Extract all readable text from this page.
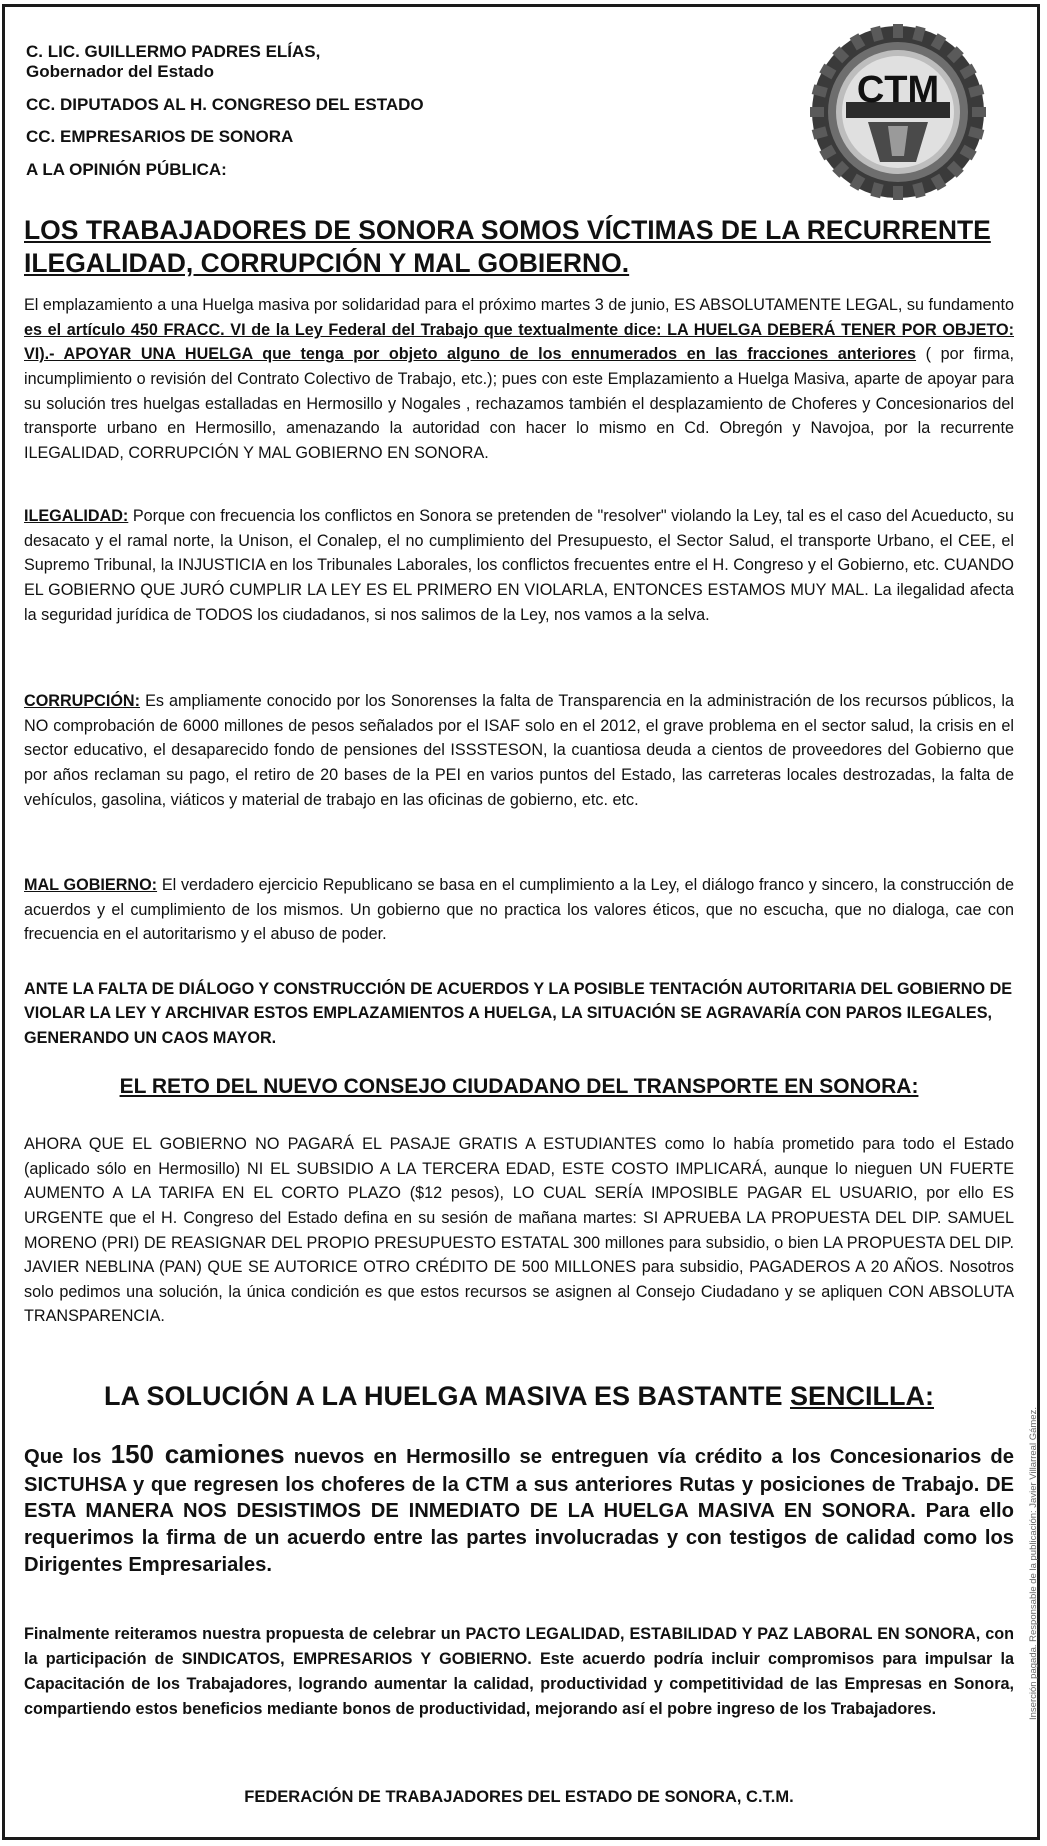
C. LIC. GUILLERMO PADRES ELÍAS,
Gobernador del Estado
CC. DIPUTADOS AL H. CONGRESO DEL ESTADO
CC. EMPRESARIOS DE SONORA
A LA OPINIÓN PÚBLICA:
CTM
LOS TRABAJADORES DE SONORA SOMOS VÍCTIMAS DE LA RECURRENTE ILEGALIDAD, CORRUPCIÓN Y MAL GOBIERNO.
El emplazamiento a una Huelga masiva por solidaridad para el próximo martes 3 de junio, ES ABSOLUTAMENTE LEGAL, su fundamento es el artículo 450 FRACC. VI de la Ley Federal del Trabajo que textualmente dice: LA HUELGA DEBERÁ TENER POR OBJETO: VI).- APOYAR UNA HUELGA que tenga por objeto alguno de los ennumerados en las fracciones anteriores ( por firma, incumplimiento o revisión del Contrato Colectivo de Trabajo, etc.); pues con este Emplazamiento a Huelga Masiva, aparte de apoyar para su solución tres huelgas estalladas en Hermosillo y Nogales , rechazamos también el desplazamiento de Choferes y Concesionarios del transporte urbano en Hermosillo, amenazando la autoridad con hacer lo mismo en Cd. Obregón y Navojoa, por la recurrente ILEGALIDAD, CORRUPCIÓN Y MAL GOBIERNO EN SONORA.
ILEGALIDAD: Porque con frecuencia los conflictos en Sonora se pretenden de "resolver" violando la Ley, tal es el caso del Acueducto, su desacato y el ramal norte, la Unison, el Conalep, el no cumplimiento del Presupuesto, el Sector Salud, el transporte Urbano, el CEE, el Supremo Tribunal, la INJUSTICIA en los Tribunales Laborales, los conflictos frecuentes entre el H. Congreso y el Gobierno, etc. CUANDO EL GOBIERNO QUE JURÓ CUMPLIR LA LEY ES EL PRIMERO EN VIOLARLA, ENTONCES ESTAMOS MUY MAL. La ilegalidad afecta la seguridad jurídica de TODOS los ciudadanos, si nos salimos de la Ley, nos vamos a la selva.
CORRUPCIÓN: Es ampliamente conocido por los Sonorenses la falta de Transparencia en la administración de los recursos públicos, la NO comprobación de 6000 millones de pesos señalados por el ISAF solo en el 2012, el grave problema en el sector salud, la crisis en el sector educativo, el desaparecido fondo de pensiones del ISSSTESON, la cuantiosa deuda a cientos de proveedores del Gobierno que por años reclaman su pago, el retiro de 20 bases de la PEI en varios puntos del Estado, las carreteras locales destrozadas, la falta de vehículos, gasolina, viáticos y material de trabajo en las oficinas de gobierno, etc. etc.
MAL GOBIERNO: El verdadero ejercicio Republicano se basa en el cumplimiento a la Ley, el diálogo franco y sincero, la construcción de acuerdos y el cumplimiento de los mismos. Un gobierno que no practica los valores éticos, que no escucha, que no dialoga, cae con frecuencia en el autoritarismo y el abuso de poder.
ANTE LA FALTA DE DIÁLOGO Y CONSTRUCCIÓN DE ACUERDOS Y LA POSIBLE TENTACIÓN AUTORITARIA DEL GOBIERNO DE VIOLAR LA LEY Y ARCHIVAR ESTOS EMPLAZAMIENTOS A HUELGA, LA SITUACIÓN SE AGRAVARÍA CON PAROS ILEGALES, GENERANDO UN CAOS MAYOR.
EL RETO DEL NUEVO CONSEJO CIUDADANO DEL TRANSPORTE EN SONORA:
AHORA QUE EL GOBIERNO NO PAGARÁ EL PASAJE GRATIS A ESTUDIANTES como lo había prometido para todo el Estado (aplicado sólo en Hermosillo) NI EL SUBSIDIO A LA TERCERA EDAD, ESTE COSTO IMPLICARÁ, aunque lo nieguen UN FUERTE AUMENTO A LA TARIFA EN EL CORTO PLAZO ($12 pesos), LO CUAL SERÍA IMPOSIBLE PAGAR EL USUARIO, por ello ES URGENTE que el H. Congreso del Estado defina en su sesión de mañana martes: SI APRUEBA LA PROPUESTA DEL DIP. SAMUEL MORENO (PRI) DE REASIGNAR DEL PROPIO PRESUPUESTO ESTATAL 300 millones para subsidio, o bien LA PROPUESTA DEL DIP. JAVIER NEBLINA (PAN) QUE SE AUTORICE OTRO CRÉDITO DE 500 MILLONES para subsidio, PAGADEROS A 20 AÑOS. Nosotros solo pedimos una solución, la única condición es que estos recursos se asignen al Consejo Ciudadano y se apliquen CON ABSOLUTA TRANSPARENCIA.
LA SOLUCIÓN A LA HUELGA MASIVA ES BASTANTE SENCILLA:
Que los 150 camiones nuevos en Hermosillo se entreguen vía crédito a los Concesionarios de SICTUHSA y que regresen los choferes de la CTM a sus anteriores Rutas y posiciones de Trabajo. DE ESTA MANERA NOS DESISTIMOS DE INMEDIATO DE LA HUELGA MASIVA EN SONORA. Para ello requerimos la firma de un acuerdo entre las partes involucradas y con testigos de calidad como los Dirigentes Empresariales.
Finalmente reiteramos nuestra propuesta de celebrar un PACTO LEGALIDAD, ESTABILIDAD Y PAZ LABORAL EN SONORA, con la participación de SINDICATOS, EMPRESARIOS Y GOBIERNO. Este acuerdo podría incluir compromisos para impulsar la Capacitación de los Trabajadores, logrando aumentar la calidad, productividad y competitividad de las Empresas en Sonora, compartiendo estos beneficios mediante bonos de productividad, mejorando así el pobre ingreso de los Trabajadores.
FEDERACIÓN DE TRABAJADORES DEL ESTADO DE SONORA, C.T.M.
Inserción pagada. Responsable de la publicación: Javier Villarreal Gámez.
